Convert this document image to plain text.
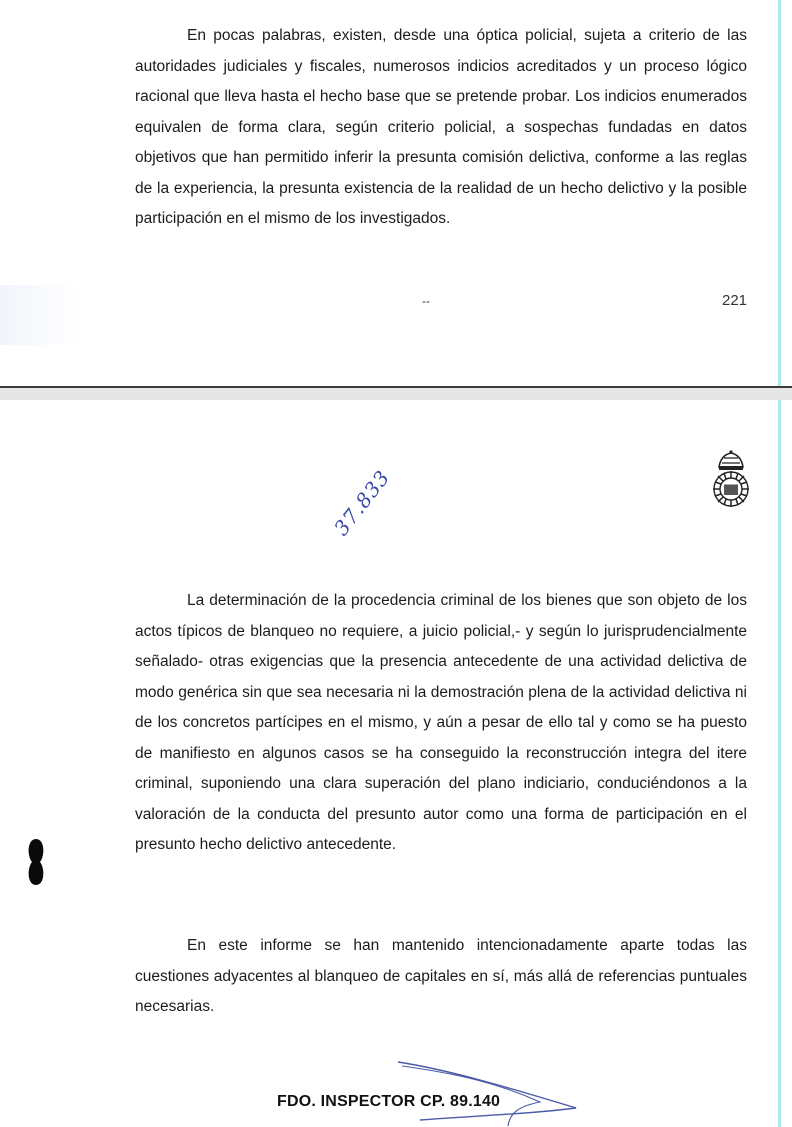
En pocas palabras, existen, desde una óptica policial, sujeta a criterio de las autoridades judiciales y fiscales, numerosos indicios acreditados y un proceso lógico racional que lleva hasta el hecho base que se pretende probar. Los indicios enumerados equivalen de forma clara, según criterio policial, a sospechas fundadas en datos objetivos que han permitido inferir la presunta comisión delictiva, conforme a las reglas de la experiencia, la presunta existencia de la realidad de un hecho delictivo y la posible participación en el mismo de los investigados.

--	221
37.833

La determinación de la procedencia criminal de los bienes que son objeto de los actos típicos de blanqueo no requiere, a juicio policial,- y según lo jurisprudencialmente señalado- otras exigencias que la presencia antecedente de una actividad delictiva de modo genérica sin que sea necesaria ni la demostración plena de la actividad delictiva ni de los concretos partícipes en el mismo, y aún a pesar de ello tal y como se ha puesto de manifiesto en algunos casos se ha conseguido la reconstrucción integra del itere criminal, suponiendo una clara superación del plano indiciario, conduciéndonos a la valoración de la conducta del presunto autor como una forma de participación en el presunto hecho delictivo antecedente.

En este informe se han mantenido intencionadamente aparte todas las cuestiones adyacentes al blanqueo de capitales en sí, más allá de referencias puntuales necesarias.

FDO. INSPECTOR CP. 89.140
